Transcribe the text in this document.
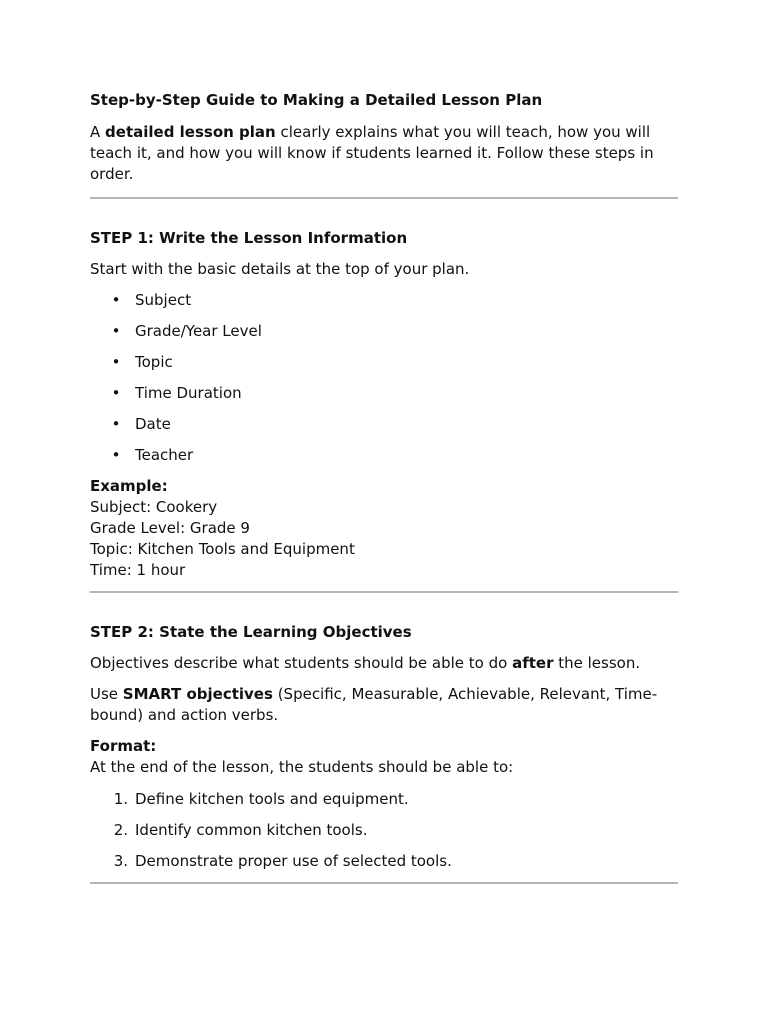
Step-by-Step Guide to Making a Detailed Lesson Plan

A detailed lesson plan clearly explains what you will teach, how you will teach it, and how you will know if students learned it. Follow these steps in order.

STEP 1: Write the Lesson Information

Start with the basic details at the top of your plan.

• Subject
• Grade/Year Level
• Topic
• Time Duration
• Date
• Teacher
Example:
Subject: Cookery
Grade Level: Grade 9
Topic: Kitchen Tools and Equipment
Time: 1 hour
STEP 2: State the Learning Objectives

Objectives describe what students should be able to do after the lesson.

Use SMART objectives (Specific, Measurable, Achievable, Relevant, Time-bound) and action verbs.

Format:
At the end of the lesson, the students should be able to:
1. Define kitchen tools and equipment.
2. Identify common kitchen tools.
3. Demonstrate proper use of selected tools.
